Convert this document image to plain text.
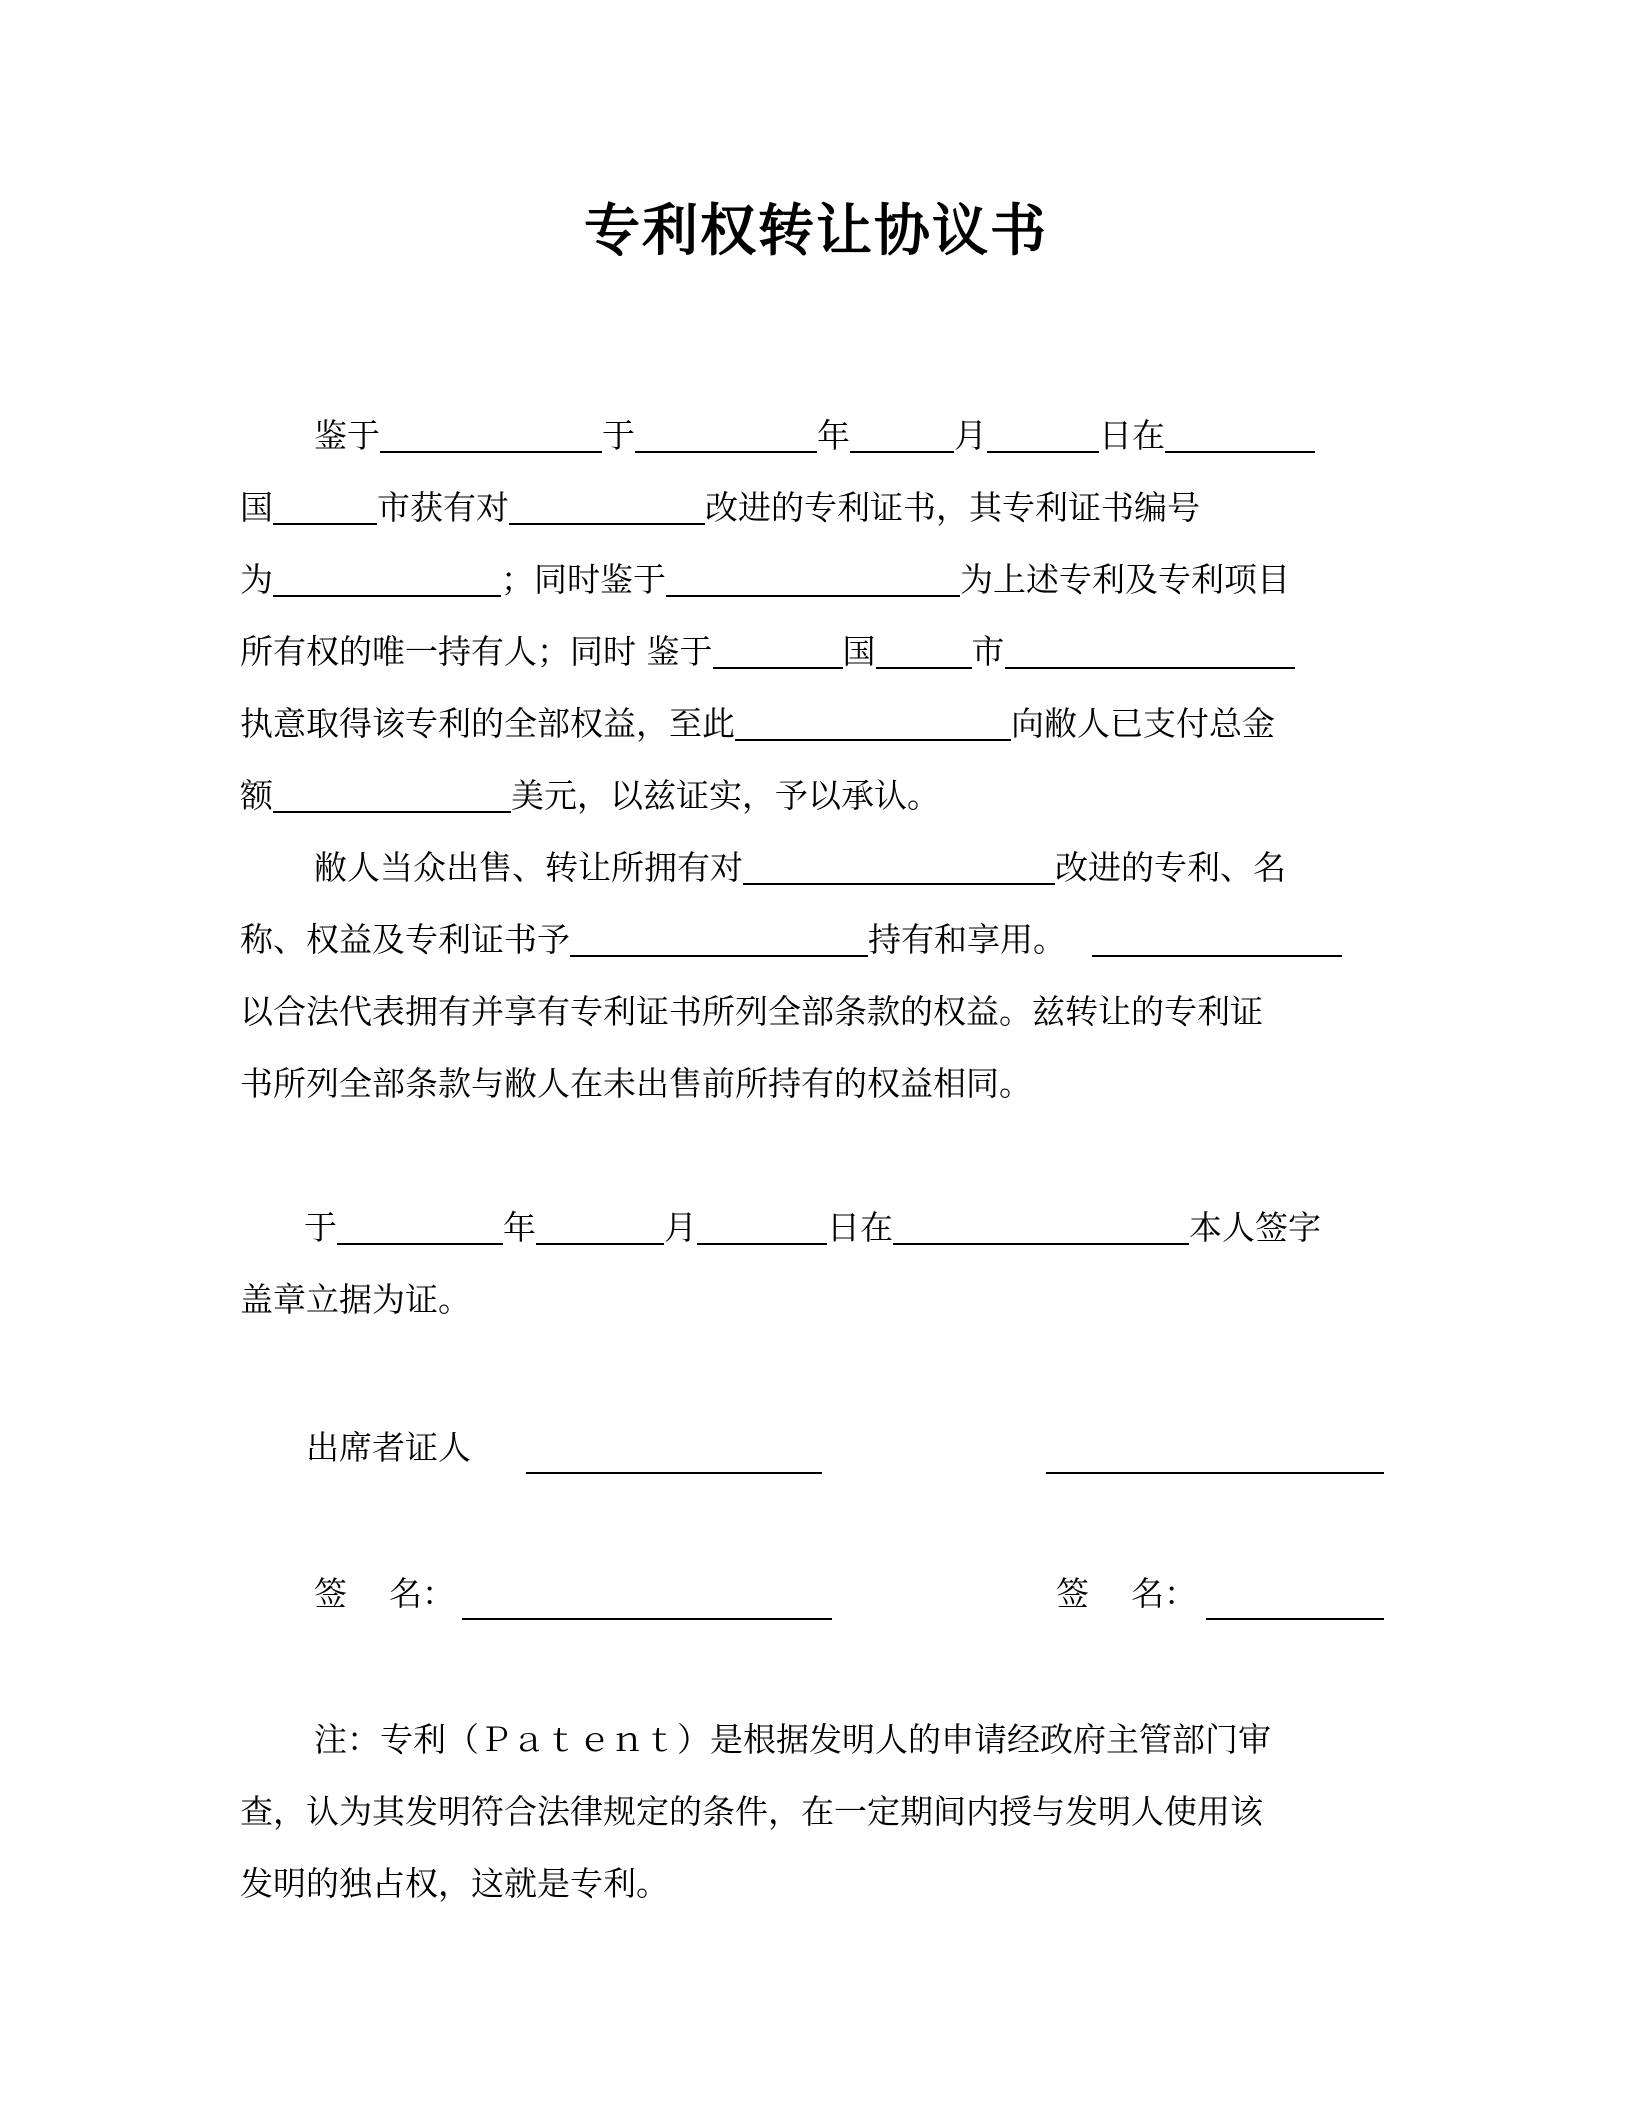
专利权转让协议书
鉴于	于	年	月	日在
国	市获有对	改进的专利证书，其专利证书编号
为	；同时鉴于	为上述专利及专利项目
所有权的唯一持有人；同时 鉴于	国	市
执意取得该专利的全部权益，至此	向敝人已支付总金
额	美元，以兹证实，予以承认。
敝人当众出售、转让所拥有对	改进的专利、名
称、权益及专利证书予	持有和享用。
以合法代表拥有并享有专利证书所列全部条款的权益。兹转让的专利证
书所列全部条款与敝人在未出售前所持有的权益相同。
于	年	月	日在	本人签字
盖章立据为证。
出席者证人
签    名：	签    名：
注：专利（Ｐａｔｅｎｔ）是根据发明人的申请经政府主管部门审
查，认为其发明符合法律规定的条件，在一定期间内授与发明人使用该
发明的独占权，这就是专利。
